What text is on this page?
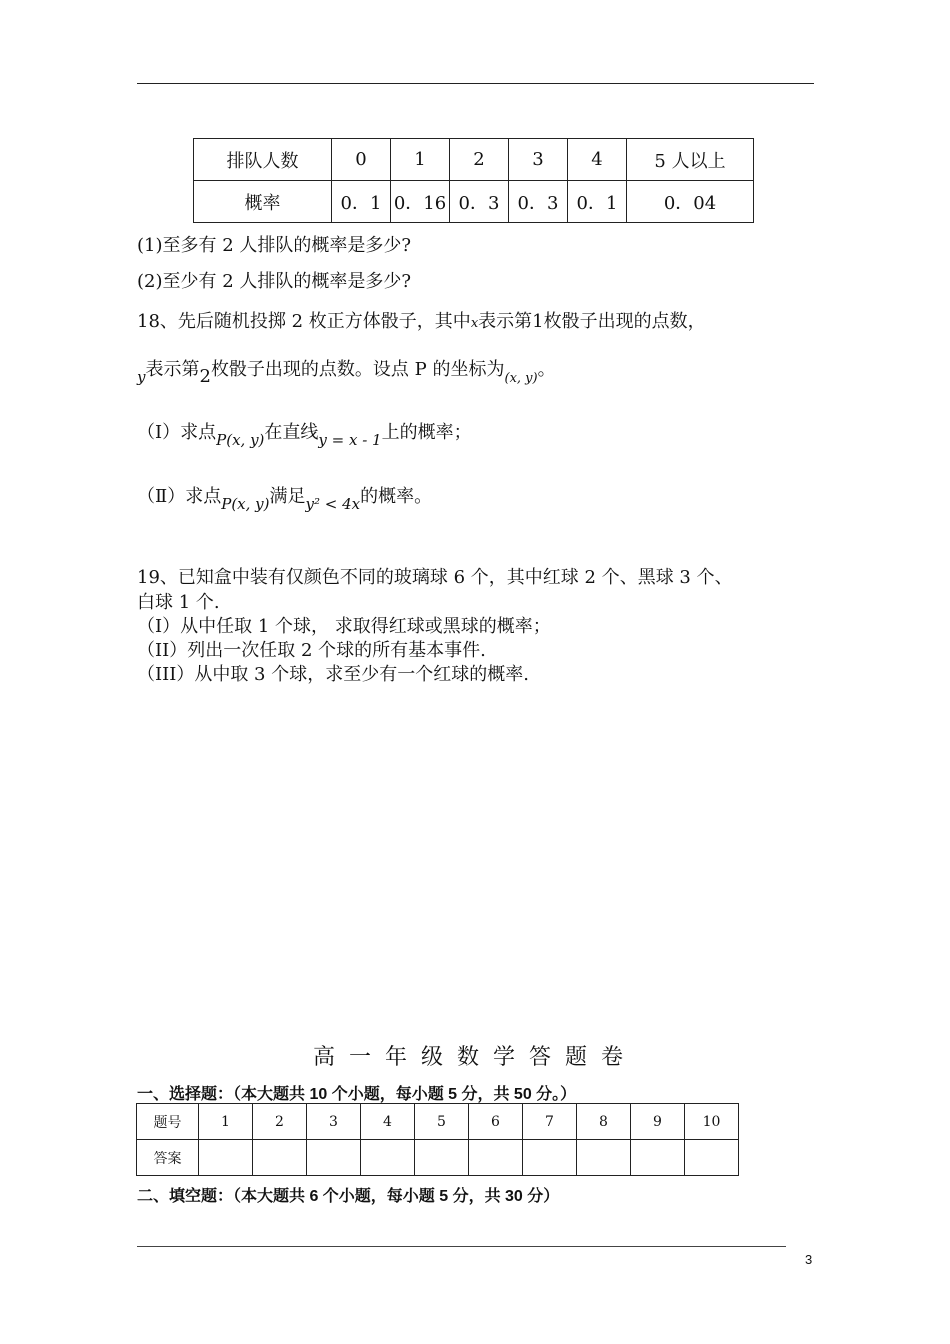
排队人数	0	1	2	3	4	5 人以上
概率	0．1	0．16	0．3	0．3	0．1	0．04
(1)至多有 2 人排队的概率是多少?
(2)至少有 2 人排队的概率是多少?
18、先后随机投掷 2 枚正方体骰子，其中x表示第1枚骰子出现的点数，
$_y$表示第2枚骰子出现的点数。设点 P 的坐标为$_{(x, y)}$。
（Ⅰ）求点$_{P(x, y)}$在直线$_{y = x - 1}$上的概率；
（Ⅱ）求点$_{P(x, y)}$满足$_{y^2 < 4x}$的概率。
19、已知盒中装有仅颜色不同的玻璃球 6 个，其中红球 2 个、黑球 3 个、
白球 1 个.
（I）从中任取 1 个球， 求取得红球或黑球的概率；
（II）列出一次任取 2 个球的所有基本事件.
（III）从中取 3 个球，求至少有一个红球的概率.
高一年级数学答题卷
一、选择题：（本大题共 10 个小题，每小题 5 分，共 50 分。）
题号	1	2	3	4	5	6	7	8	9	10
答案										
二、填空题：（本大题共 6 个小题，每小题 5 分，共 30 分）
3
